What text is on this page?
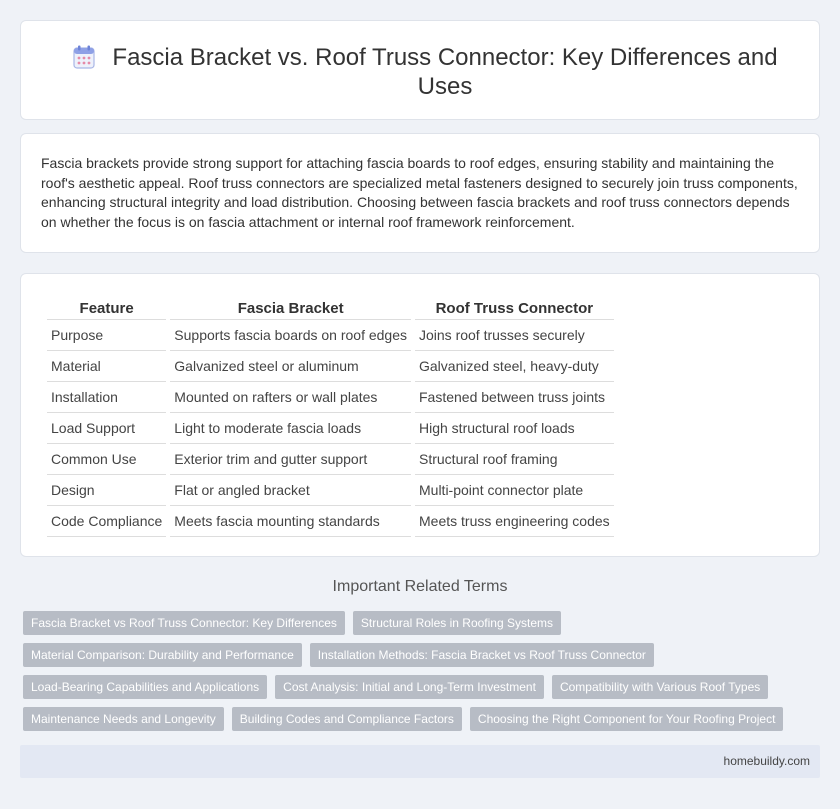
Fascia Bracket vs. Roof Truss Connector: Key Differences and Uses

Fascia brackets provide strong support for attaching fascia boards to roof edges, ensuring stability and maintaining the roof's aesthetic appeal. Roof truss connectors are specialized metal fasteners designed to securely join truss components, enhancing structural integrity and load distribution. Choosing between fascia brackets and roof truss connectors depends on whether the focus is on fascia attachment or internal roof framework reinforcement.

Feature	Fascia Bracket	Roof Truss Connector
Purpose	Supports fascia boards on roof edges	Joins roof trusses securely
Material	Galvanized steel or aluminum	Galvanized steel, heavy-duty
Installation	Mounted on rafters or wall plates	Fastened between truss joints
Load Support	Light to moderate fascia loads	High structural roof loads
Common Use	Exterior trim and gutter support	Structural roof framing
Design	Flat or angled bracket	Multi-point connector plate
Code Compliance	Meets fascia mounting standards	Meets truss engineering codes
Important Related Terms
Fascia Bracket vs Roof Truss Connector: Key Differences	Structural Roles in Roofing Systems
Material Comparison: Durability and Performance	Installation Methods: Fascia Bracket vs Roof Truss Connector
Load-Bearing Capabilities and Applications	Cost Analysis: Initial and Long-Term Investment	Compatibility with Various Roof Types
Maintenance Needs and Longevity	Building Codes and Compliance Factors	Choosing the Right Component for Your Roofing Project
homebuildy.com
